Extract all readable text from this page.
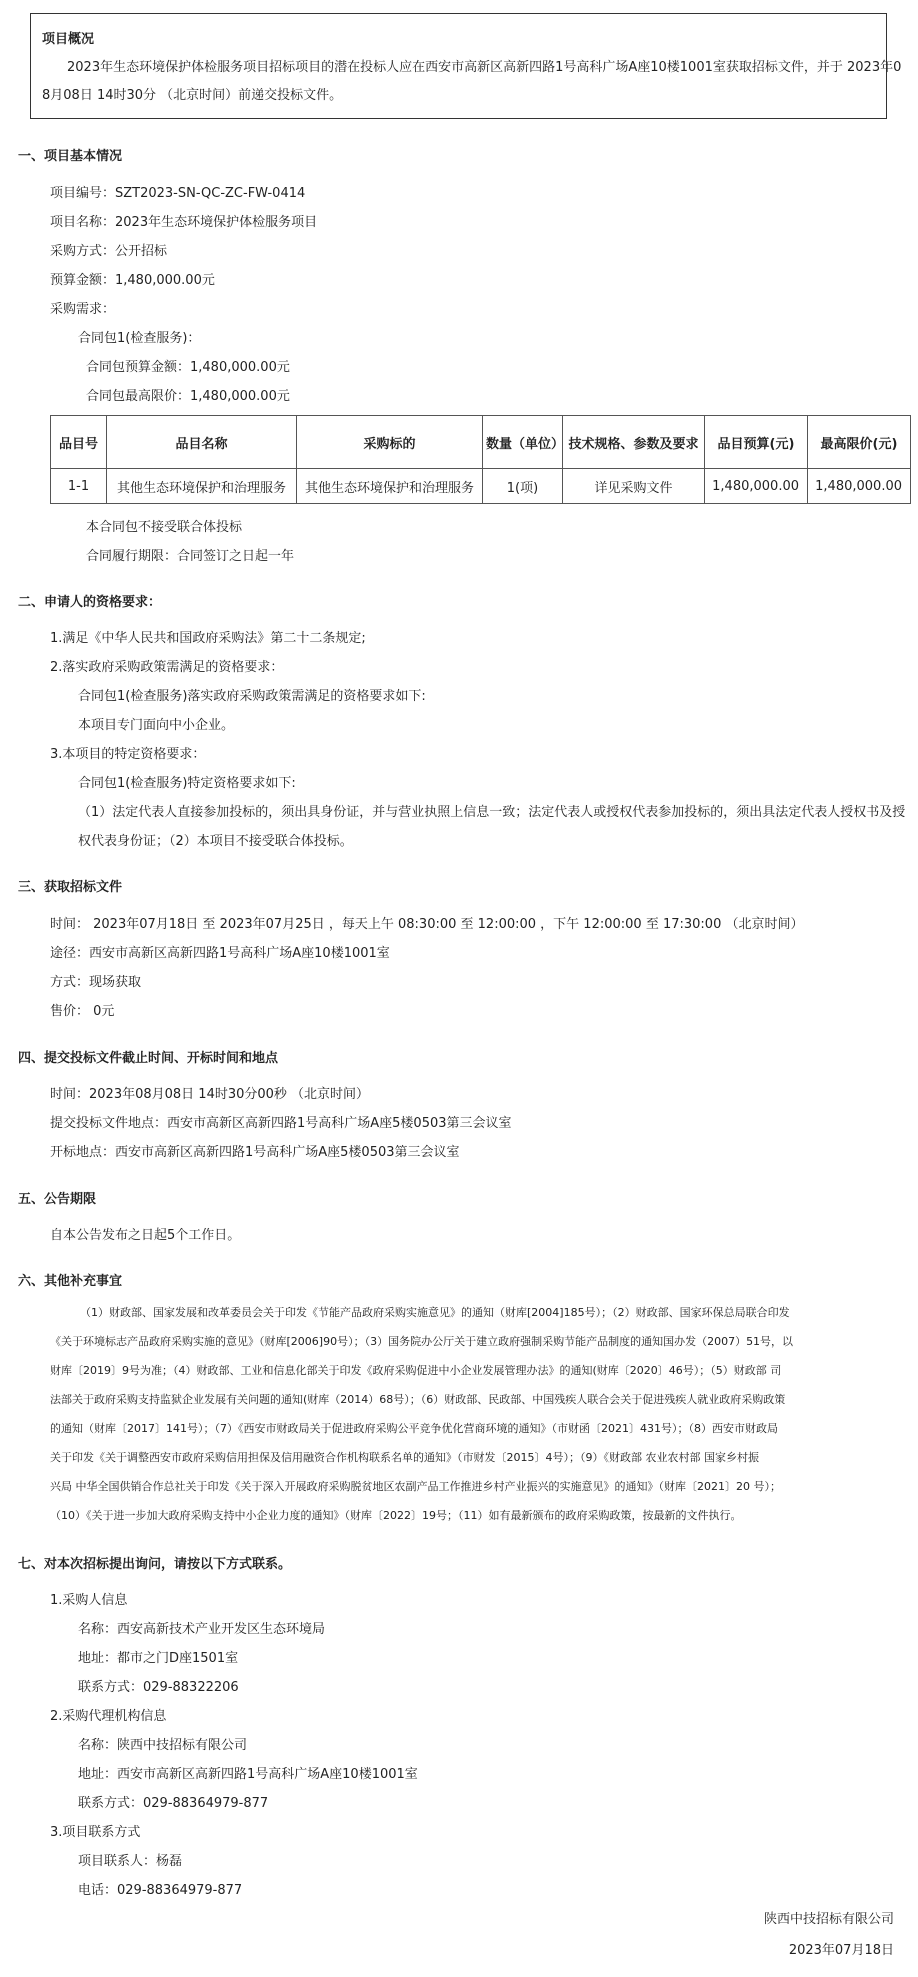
项目概况
2023年生态环境保护体检服务项目招标项目的潜在投标人应在西安市高新区高新四路1号高科广场A座10楼1001室获取招标文件，并于 2023年0
8月08日 14时30分 （北京时间）前递交投标文件。
一、项目基本情况
项目编号：SZT2023-SN-QC-ZC-FW-0414
项目名称：2023年生态环境保护体检服务项目
采购方式：公开招标
预算金额：1,480,000.00元
采购需求：
合同包1(检查服务)：
合同包预算金额：1,480,000.00元
合同包最高限价：1,480,000.00元
品目号	品目名称	采购标的	数量（单位）	技术规格、参数及要求	品目预算(元)	最高限价(元)
1-1	其他生态环境保护和治理服务	其他生态环境保护和治理服务	1(项)	详见采购文件	1,480,000.00	1,480,000.00
本合同包不接受联合体投标
合同履行期限：合同签订之日起一年
二、申请人的资格要求：
1.满足《中华人民共和国政府采购法》第二十二条规定;
2.落实政府采购政策需满足的资格要求：
合同包1(检查服务)落实政府采购政策需满足的资格要求如下:
本项目专门面向中小企业。
3.本项目的特定资格要求：
合同包1(检查服务)特定资格要求如下:
（1）法定代表人直接参加投标的，须出具身份证，并与营业执照上信息一致；法定代表人或授权代表参加投标的，须出具法定代表人授权书及授
权代表身份证；（2）本项目不接受联合体投标。
三、获取招标文件
时间： 2023年07月18日 至 2023年07月25日 ，每天上午 08:30:00 至 12:00:00 ，下午 12:00:00 至 17:30:00 （北京时间）
途径：西安市高新区高新四路1号高科广场A座10楼1001室
方式：现场获取
售价： 0元
四、提交投标文件截止时间、开标时间和地点
时间：2023年08月08日 14时30分00秒 （北京时间）
提交投标文件地点：西安市高新区高新四路1号高科广场A座5楼0503第三会议室
开标地点：西安市高新区高新四路1号高科广场A座5楼0503第三会议室
五、公告期限
自本公告发布之日起5个工作日。
六、其他补充事宜
（1）财政部、国家发展和改革委员会关于印发《节能产品政府采购实施意见》的通知（财库[2004]185号）；（2）财政部、国家环保总局联合印发
《关于环境标志产品政府采购实施的意见》（财库[2006]90号）；（3）国务院办公厅关于建立政府强制采购节能产品制度的通知国办发（2007）51号，以
财库〔2019〕9号为准；（4）财政部、工业和信息化部关于印发《政府采购促进中小企业发展管理办法》的通知(财库〔2020〕46号）；（5）财政部 司
法部关于政府采购支持监狱企业发展有关问题的通知(财库（2014）68号）；（6）财政部、民政部、中国残疾人联合会关于促进残疾人就业政府采购政策
的通知（财库〔2017〕141号）；（7）《西安市财政局关于促进政府采购公平竞争优化营商环境的通知》（市财函〔2021〕431号）；（8）西安市财政局
关于印发《关于调整西安市政府采购信用担保及信用融资合作机构联系名单的通知》（市财发〔2015〕4号）；（9）《财政部 农业农村部 国家乡村振
兴局 中华全国供销合作总社关于印发《关于深入开展政府采购脱贫地区农副产品工作推进乡村产业振兴的实施意见》的通知》（财库〔2021〕20 号）；
（10）《关于进一步加大政府采购支持中小企业力度的通知》（财库〔2022〕19号；（11）如有最新颁布的政府采购政策，按最新的文件执行。
七、对本次招标提出询问，请按以下方式联系。
1.采购人信息
名称：西安高新技术产业开发区生态环境局
地址：都市之门D座1501室
联系方式：029-88322206
2.采购代理机构信息
名称：陕西中技招标有限公司
地址：西安市高新区高新四路1号高科广场A座10楼1001室
联系方式：029-88364979-877
3.项目联系方式
项目联系人：杨磊
电话：029-88364979-877
陕西中技招标有限公司
2023年07月18日
